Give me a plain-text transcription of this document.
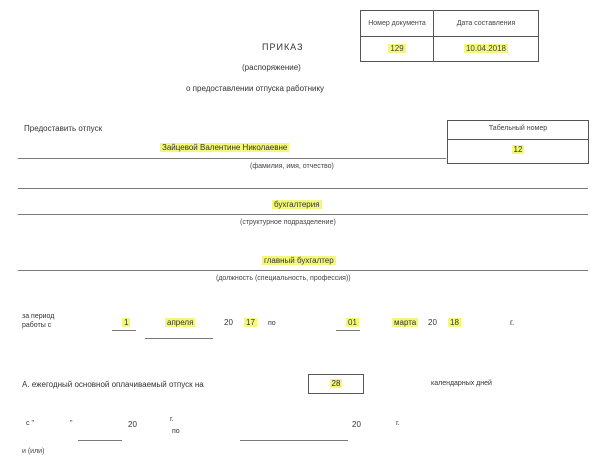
Номер документа	Дата составления
129	10.04.2018
ПРИКАЗ
(распоряжение)
о предоставлении отпуска работнику
Предоставить отпуск	Табельный номер
12
Зайцевой Валентине Николаевне
(фамилия, имя, отчество)
бухгалтерия
(структурное подразделение)
главный бухгалтер
(должность (специальность, профессия))
за период
работы с	1	апреля	20 17 по	01	марта 20 18	г.
А. ежегодный основной оплачиваемый отпуск на	28	календарных дней
с "	"	20
г.
по
20	г.
и (или)
